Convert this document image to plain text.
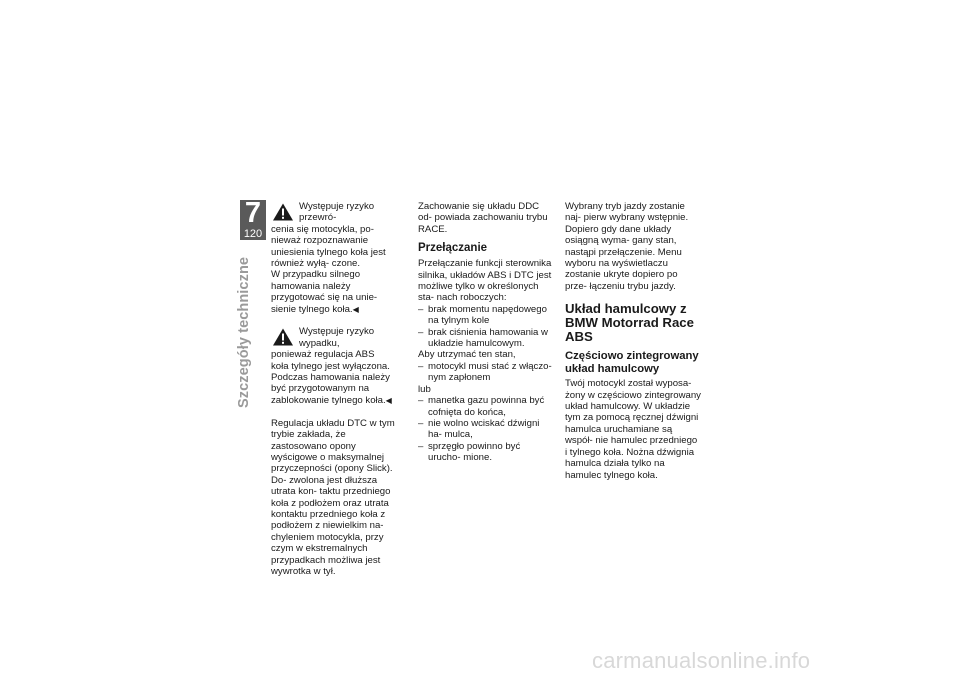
7
120
Szczegóły techniczne

Występuje ryzyko przewró-

cenia się motocykla, po-

nieważ rozpoznawanie uniesienia tylnego koła jest również wyłą- czone.

W przypadku silnego hamowania należy przygotować się na unie- sienie tylnego koła.◀

Występuje ryzyko wypadku,

ponieważ regulacja ABS

koła tylnego jest wyłączona. Podczas hamowania należy być przygotowanym na zablokowanie tylnego koła.◀

Regulacja układu DTC w tym trybie zakłada, że zastosowano opony wyścigowe o maksymalnej przyczepności (opony Slick). Do- zwolona jest dłuższa utrata kon- taktu przedniego koła z podłożem oraz utrata kontaktu przedniego koła z podłożem z niewielkim na- chyleniem motocykla, przy czym w ekstremalnych przypadkach możliwa jest wywrotka w tył.

Zachowanie się układu DDC od- powiada zachowaniu trybu RACE.

Przełączanie

Przełączanie funkcji sterownika silnika, układów ABS i DTC jest możliwe tylko w określonych sta- nach roboczych:

– brak momentu napędowego na tylnym kole
– brak ciśnienia hamowania w układzie hamulcowym.

Aby utrzymać ten stan,

– motocykl musi stać z włączo- nym zapłonem

lub

– manetka gazu powinna być cofnięta do końca,
– nie wolno wciskać dźwigni ha- mulca,
– sprzęgło powinno być urucho- mione.

Wybrany tryb jazdy zostanie naj- pierw wybrany wstępnie. Dopiero gdy dane układy osiągną wyma- gany stan, nastąpi przełączenie. Menu wyboru na wyświetlaczu zostanie ukryte dopiero po prze- łączeniu trybu jazdy.

Układ hamulcowy z BMW Motorrad Race ABS
Częściowo zintegrowany układ hamulcowy

Twój motocykl został wyposa- żony w częściowo zintegrowany układ hamulcowy. W układzie tym za pomocą ręcznej dźwigni hamulca uruchamiane są współ- nie hamulec przedniego i tylnego koła. Nożna dźwignia hamulca działa tylko na hamulec tylnego koła.

carmanualsonline.info
